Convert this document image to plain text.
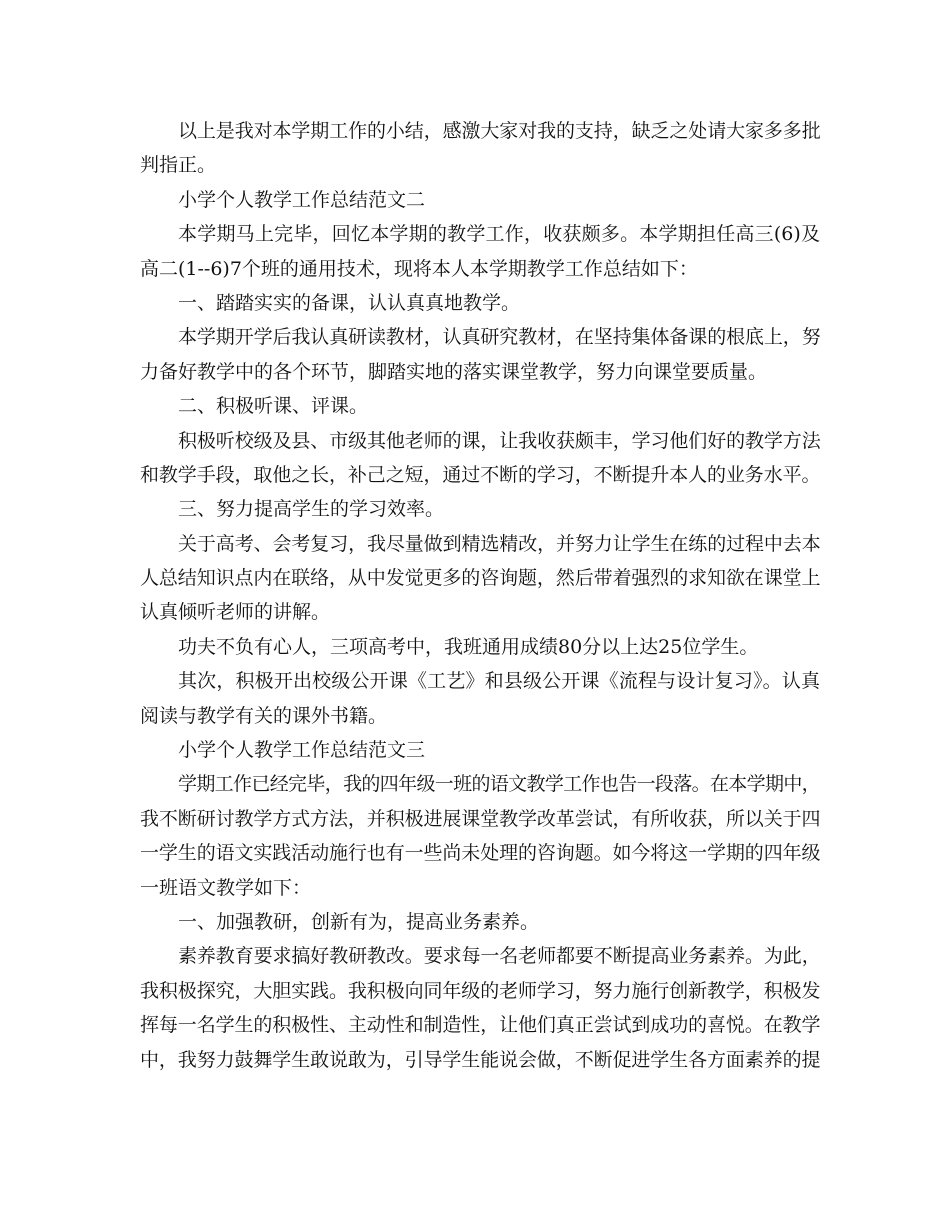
以上是我对本学期工作的小结，感激大家对我的支持，缺乏之处请大家多多批
判指正。
小学个人教学工作总结范文二
本学期马上完毕，回忆本学期的教学工作，收获颇多。本学期担任高三(6)及
高二(1--6)7个班的通用技术，现将本人本学期教学工作总结如下：
一、踏踏实实的备课，认认真真地教学。
本学期开学后我认真研读教材，认真研究教材，在坚持集体备课的根底上，努
力备好教学中的各个环节，脚踏实地的落实课堂教学，努力向课堂要质量。
二、积极听课、评课。
积极听校级及县、市级其他老师的课，让我收获颇丰，学习他们好的教学方法
和教学手段，取他之长，补己之短，通过不断的学习，不断提升本人的业务水平。
三、努力提高学生的学习效率。
关于高考、会考复习，我尽量做到精选精改，并努力让学生在练的过程中去本
人总结知识点内在联络，从中发觉更多的咨询题，然后带着强烈的求知欲在课堂上
认真倾听老师的讲解。
功夫不负有心人，三项高考中，我班通用成绩80分以上达25位学生。
其次，积极开出校级公开课《工艺》和县级公开课《流程与设计复习》。认真
阅读与教学有关的课外书籍。
小学个人教学工作总结范文三
学期工作已经完毕，我的四年级一班的语文教学工作也告一段落。在本学期中，
我不断研讨教学方式方法，并积极进展课堂教学改革尝试，有所收获，所以关于四
一学生的语文实践活动施行也有一些尚未处理的咨询题。如今将这一学期的四年级
一班语文教学如下：
一、加强教研，创新有为，提高业务素养。
素养教育要求搞好教研教改。要求每一名老师都要不断提高业务素养。为此，
我积极探究，大胆实践。我积极向同年级的老师学习，努力施行创新教学，积极发
挥每一名学生的积极性、主动性和制造性，让他们真正尝试到成功的喜悦。在教学
中，我努力鼓舞学生敢说敢为，引导学生能说会做，不断促进学生各方面素养的提
